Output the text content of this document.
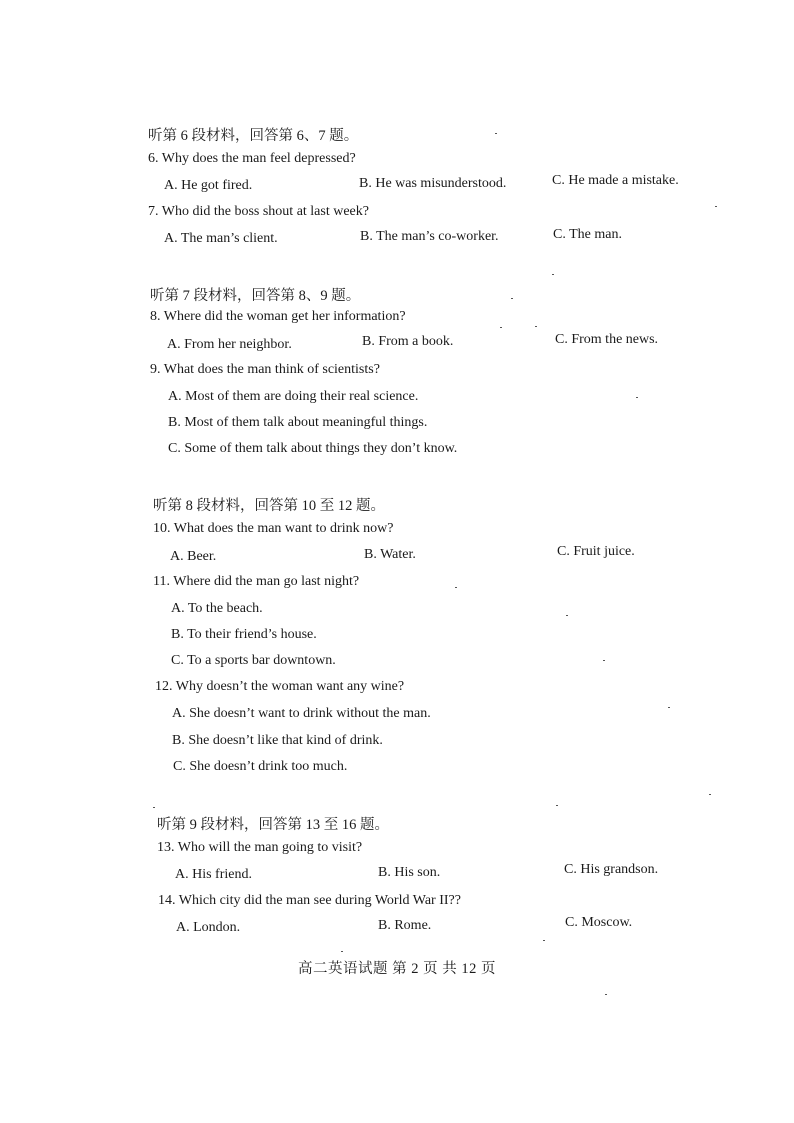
听第 6 段材料，回答第 6、7 题。
6. Why does the man feel depressed?
A. He got fired.	B. He was misunderstood.	C. He made a mistake.
7. Who did the boss shout at last week?
A. The man’s client.	B. The man’s co-worker.	C. The man.
听第 7 段材料，回答第 8、9 题。
8. Where did the woman get her information?
A. From her neighbor.	B. From a book.	C. From the news.
9. What does the man think of scientists?
A. Most of them are doing their real science.
B. Most of them talk about meaningful things.
C. Some of them talk about things they don’t know.
听第 8 段材料，回答第 10 至 12 题。
10. What does the man want to drink now?
A. Beer.	B. Water.	C. Fruit juice.
11. Where did the man go last night?
A. To the beach.
B. To their friend’s house.
C. To a sports bar downtown.
12. Why doesn’t the woman want any wine?
A. She doesn’t want to drink without the man.
B. She doesn’t like that kind of drink.
C. She doesn’t drink too much.
听第 9 段材料，回答第 13 至 16 题。
13. Who will the man going to visit?
A. His friend.	B. His son.	C. His grandson.
14. Which city did the man see during World War II??
A. London.	B. Rome.	C. Moscow.
高二英语试题 第 2 页 共 12 页
